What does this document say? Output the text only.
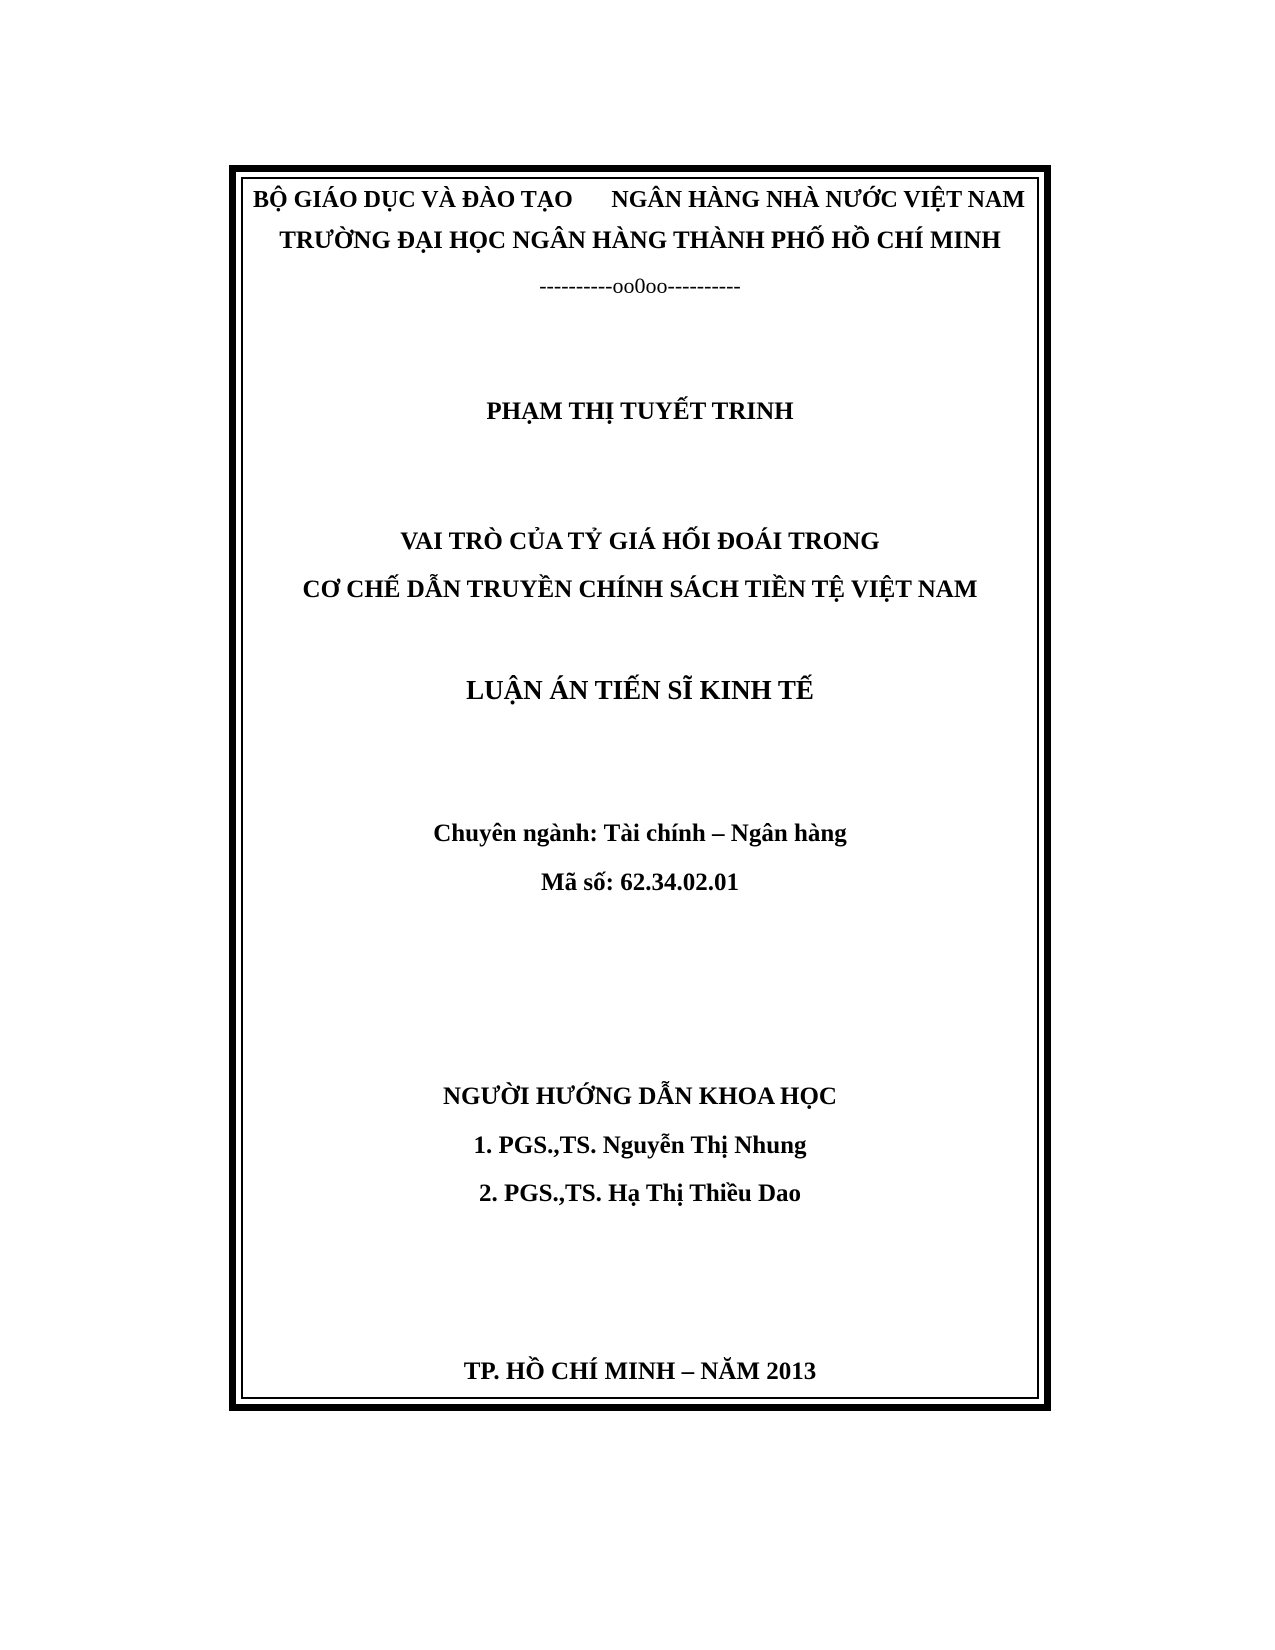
BỘ GIÁO DỤC VÀ ĐÀO TẠO NGÂN HÀNG NHÀ NƯỚC VIỆT NAM
TRƯỜNG ĐẠI HỌC NGÂN HÀNG THÀNH PHỐ HỒ CHÍ MINH
----------oo0oo----------
PHẠM THỊ TUYẾT TRINH
VAI TRÒ CỦA TỶ GIÁ HỐI ĐOÁI TRONG
CƠ CHẾ DẪN TRUYỀN CHÍNH SÁCH TIỀN TỆ VIỆT NAM
LUẬN ÁN TIẾN SĨ KINH TẾ
Chuyên ngành: Tài chính – Ngân hàng
Mã số: 62.34.02.01
NGƯỜI HƯỚNG DẪN KHOA HỌC
1. PGS.,TS. Nguyễn Thị Nhung
2. PGS.,TS. Hạ Thị Thiều Dao
TP. HỒ CHÍ MINH – NĂM 2013
